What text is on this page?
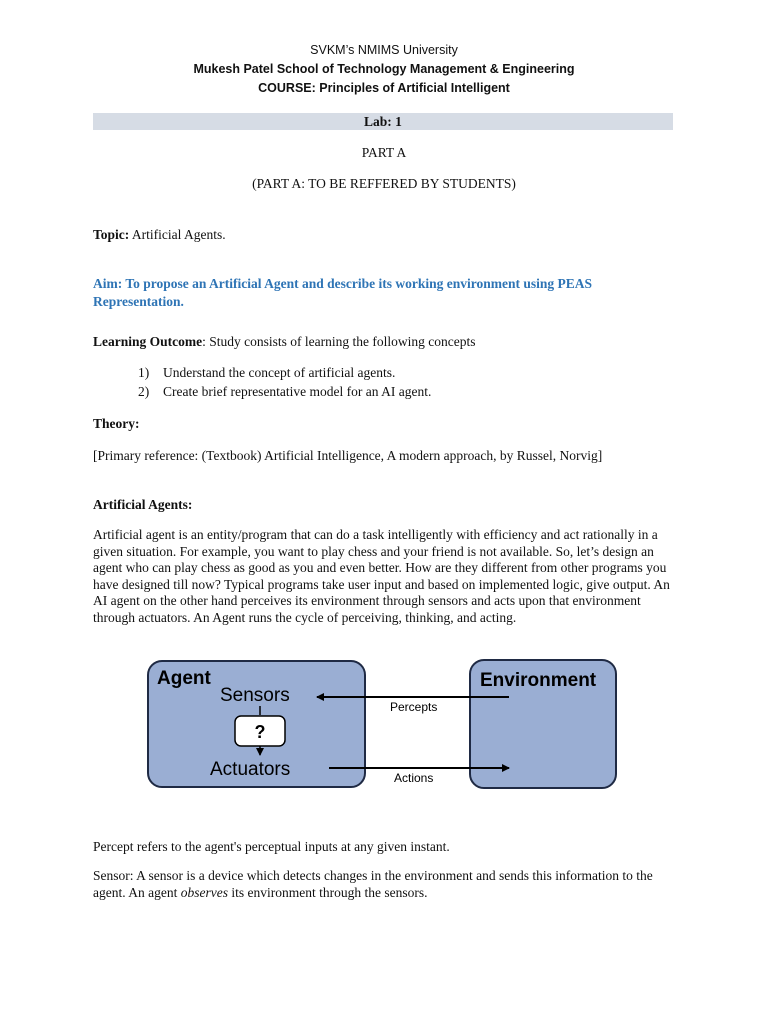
SVKM’s NMIMS University
Mukesh Patel School of Technology Management & Engineering
COURSE: Principles of Artificial Intelligent
Lab: 1
PART A
(PART A: TO BE REFFERED BY STUDENTS)
Topic: Artificial Agents.
Aim: To propose an Artificial Agent and describe its working environment using PEAS Representation.
Learning Outcome: Study consists of learning the following concepts
1) Understand the concept of artificial agents.
2) Create brief representative model for an AI agent.
Theory:
[Primary reference: (Textbook) Artificial Intelligence, A modern approach, by Russel, Norvig]
Artificial Agents:
Artificial agent is an entity/program that can do a task intelligently with efficiency and act rationally in a given situation. For example, you want to play chess and your friend is not available. So, let’s design an agent who can play chess as good as you and even better. How are they different from other programs you have designed till now? Typical programs take user input and based on implemented logic, give output. An AI agent on the other hand perceives its environment through sensors and acts upon that environment through actuators. An Agent runs the cycle of perceiving, thinking, and acting.
Agent
Sensors
?
Actuators
Environment
Percepts
Actions
Percept refers to the agent's perceptual inputs at any given instant.
Sensor: A sensor is a device which detects changes in the environment and sends this information to the agent. An agent observes its environment through the sensors.
